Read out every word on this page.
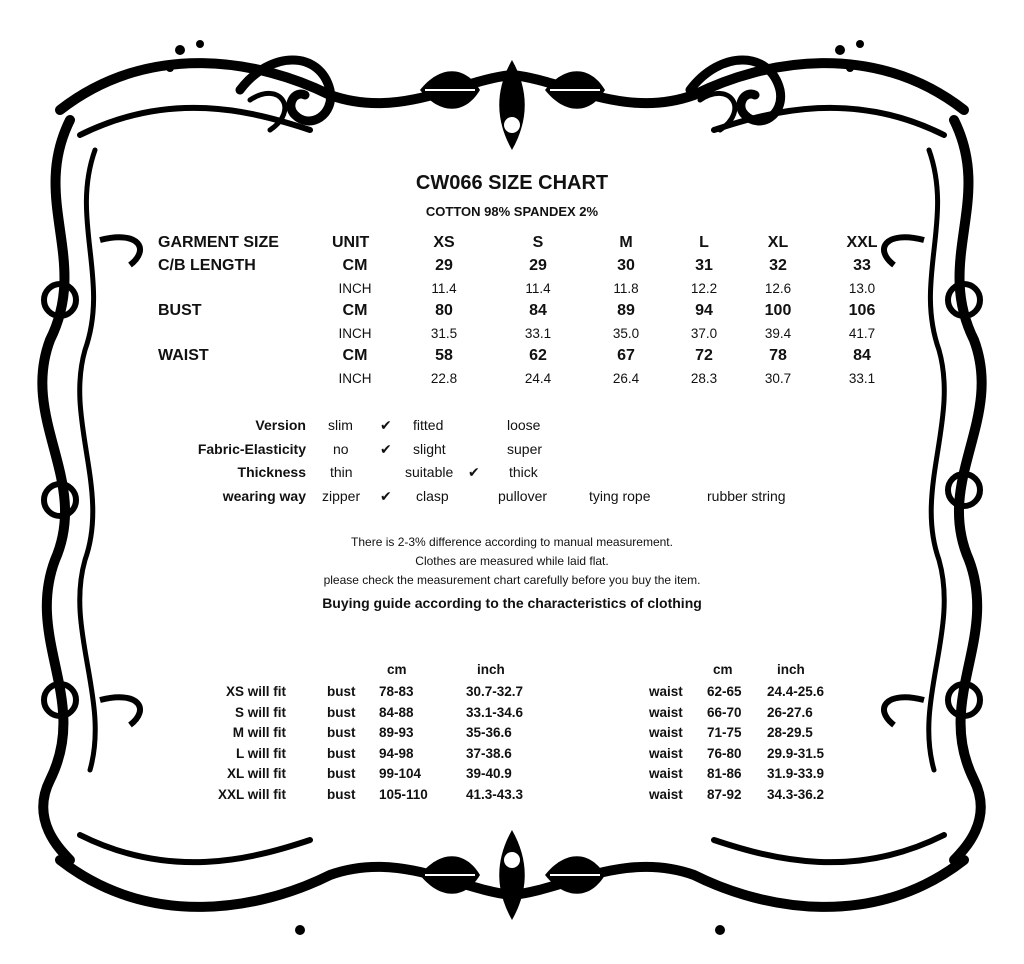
CW066 SIZE CHART
COTTON 98% SPANDEX 2%
GARMENT SIZE	UNIT	XS	S	M	L	XL	XXL
C/B LENGTH	CM	29	29	30	31	32	33
INCH	11.4	11.4	11.8	12.2	12.6	13.0
BUST	CM	80	84	89	94	100	106
INCH	31.5	33.1	35.0	37.0	39.4	41.7
WAIST	CM	58	62	67	72	78	84
INCH	22.8	24.4	26.4	28.3	30.7	33.1
Version slim ✔ fitted	loose
Fabric-Elasticity no ✔ slight	super
Thickness thin	suitable ✔ thick
wearing way zipper ✔ clasp	pullover	tying rope	rubber string
There is 2-3% difference according to manual measurement.
Clothes are measured while laid flat.
please check the measurement chart carefully before you buy the item.
Buying guide according to the characteristics of clothing
cm	inch	cm	inch
XS will fit	bust 78-83	30.7-32.7	waist 62-65 24.4-25.6
S will fit	bust 84-88	33.1-34.6	waist 66-70 26-27.6
M will fit	bust 89-93	35-36.6	waist 71-75 28-29.5
L will fit	bust 94-98	37-38.6	waist 76-80 29.9-31.5
XL will fit	bust 99-104	39-40.9	waist 81-86 31.9-33.9
XXL will fit	bust 105-110	41.3-43.3	waist 87-92 34.3-36.2
